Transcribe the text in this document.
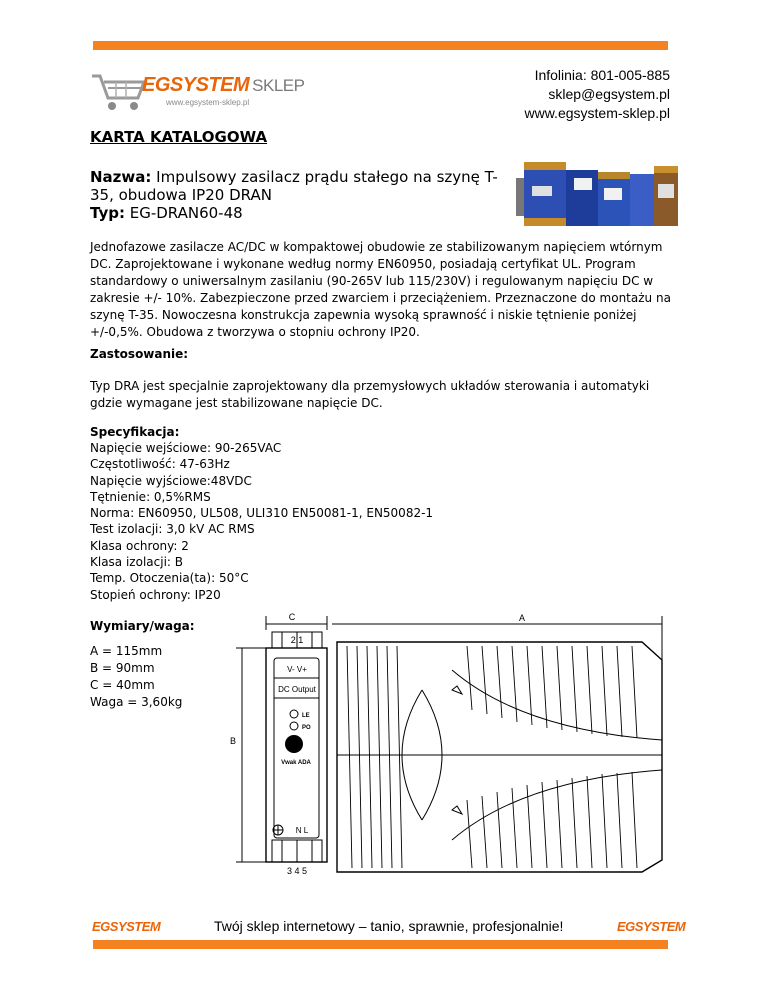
EGSYSTEM SKLEP
www.egsystem-sklep.pl
Infolinia: 801-005-885
sklep@egsystem.pl
www.egsystem-sklep.pl
KARTA KATALOGOWA
Nazwa: Impulsowy zasilacz prądu stałego na szynę T-35, obudowa IP20 DRAN
Typ: EG-DRAN60-48
Jednofazowe zasilacze AC/DC w kompaktowej obudowie ze stabilizowanym napięciem wtórnym DC. Zaprojektowane i wykonane według normy EN60950, posiadają certyfikat UL. Program standardowy o uniwersalnym zasilaniu (90-265V lub 115/230V) i regulowanym napięciu DC w zakresie +/- 10%. Zabezpieczone przed zwarciem i przeciążeniem. Przeznaczone do montażu na szynę T-35. Nowoczesna konstrukcja zapewnia wysoką sprawność i niskie tętnienie poniżej +/-0,5%. Obudowa z tworzywa o stopniu ochrony IP20.
Zastosowanie:
Typ DRA jest specjalnie zaprojektowany dla przemysłowych układów sterowania i automatyki gdzie wymagane jest stabilizowane napięcie DC.
Specyfikacja:
Napięcie wejściowe: 90-265VAC
Częstotliwość: 47-63Hz
Napięcie wyjściowe:48VDC
Tętnienie: 0,5%RMS
Norma: EN60950, UL508, ULI310 EN50081-1, EN50082-1
Test izolacji: 3,0 kV AC RMS
Klasa ochrony: 2
Klasa izolacji: B
Temp. Otoczenia(ta): 50°C
Stopień ochrony: IP20
Wymiary/waga:
A = 115mm
B = 90mm
C = 40mm
Waga = 3,60kg
C	A
B
2 1
3 4 5
V- V+
DC Output
LE
PO
Vwak ADA
N L
EGSYSTEM	Twój sklep internetowy – tanio, sprawnie, profesjonalnie!	EGSYSTEM
